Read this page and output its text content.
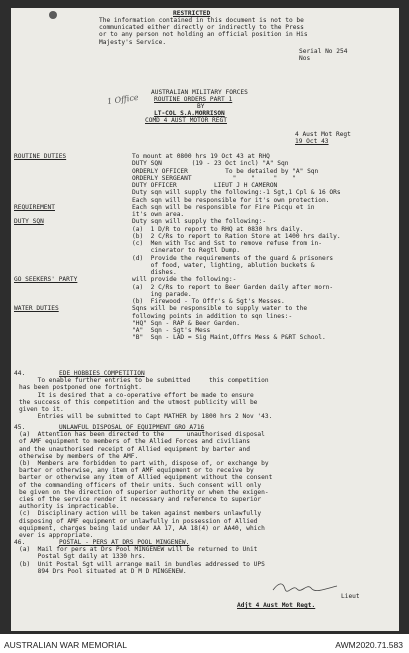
RESTRICTED
The information contained in this document is not to be
communicated either directly or indirectly to the Press
or to any person not holding an official position in His
Majesty's Service.
Serial No 254
Nos
1 Office
AUSTRALIAN MILITARY FORCES
ROUTINE ORDERS PART 1
BY
LT-COL S.A.MORRISON
COMD 4 AUST MOTOR REGT
4 Aust Mot Regt
19 Oct 43
ROUTINE DUTIES	To mount at 0800 hrs 19 Oct 43 at RHQ
DUTY SQN        (19 - 23 Oct incl) "A" Sqn
ORDERLY OFFICER          To be detailed by "A" Sqn
ORDERLY SERGEANT           "    "     "    "
DUTY OFFICER          LIEUT J H CAMERON
Duty sqn will supply the following:-1 Sgt,1 Cpl & 16 ORs
Each sqn will be responsible for it's own protection.
REQUIREMENT	Each sqn will be responsible for Fire Picqu et in
it's own area.
DUTY SQN	Duty sqn will supply the following:-
(a)  1 D/R to report to RHQ at 0830 hrs daily.
(b)  2 C/Rs to report to Ration Store at 1400 hrs daily.
(c)  Men with Tsc and Sst to remove refuse from in-
cinerator to Regtl Dump.
(d)  Provide the requirements of the guard & prisoners
of food, water, lighting, ablution buckets &
dishes.
GO SEEKERS' PARTY	will provide the following:-
(a)  2 C/Rs to report to Beer Garden daily after morn-
ing parade.
(b)  Firewood - To Offr's & Sgt's Messes.
WATER DUTIES	Sqns will be responsible to supply water to the
following points in addition to sqn lines:-
"HQ" Sqn - RAP & Beer Garden.
"A"  Sqn - Sgt's Mess
"B"  Sqn - LAD = Sig Maint,Offrs Mess & P&RT School.
44.	EDE HOBBIES COMPETITION
To enable further entries to be submitted     this competition
has been postponed one fortnight.
It is desired that a co-operative effort be made to ensure
the success of this competition and the utmost publicity will be
given to it.
Entries will be submitted to Capt MATHER by 1800 hrs 2 Nov '43.
45.	UNLAWFUL DISPOSAL OF EQUIPMENT GRO A716
(a)  Attention has been directed to the      unauthorised disposal
of AMF equipment to members of the Allied Forces and civilians
and the unauthorised receipt of Allied equipment by barter and
otherwise by members of the AMF.
(b)  Members are forbidden to part with, dispose of, or exchange by
barter or otherwise, any item of AMF equipment or to receive by
barter or otherwise any item of Allied equipment without the consent
of the commanding officers of their units. Such consent will only
be given on the direction of superior authority or when the exigen-
cies of the service render it necessary and reference to superior
authority is impracticable.
(c)  Disciplinary action will be taken against members unlawfully
disposing of AMF equipment or unlawfully in possession of Allied
equipment, charges being laid under AA 17, AA 18(4) or AA40, which
ever is appropriate.
46.	POSTAL - PERS AT DRS POOL MINGENEW.
(a)  Mail for pers at Drs Pool MINGENEW will be returned to Unit
Postal Sgt daily at 1330 hrs.
(b)  Unit Postal Sgt will arrange mail in bundles addressed to UPS
894 Drs Pool situated at D M D MINGENEW.
Lieut
Adjt 4 Aust Mot Regt.
AUSTRALIAN WAR MEMORIAL	AWM2020.71.583
